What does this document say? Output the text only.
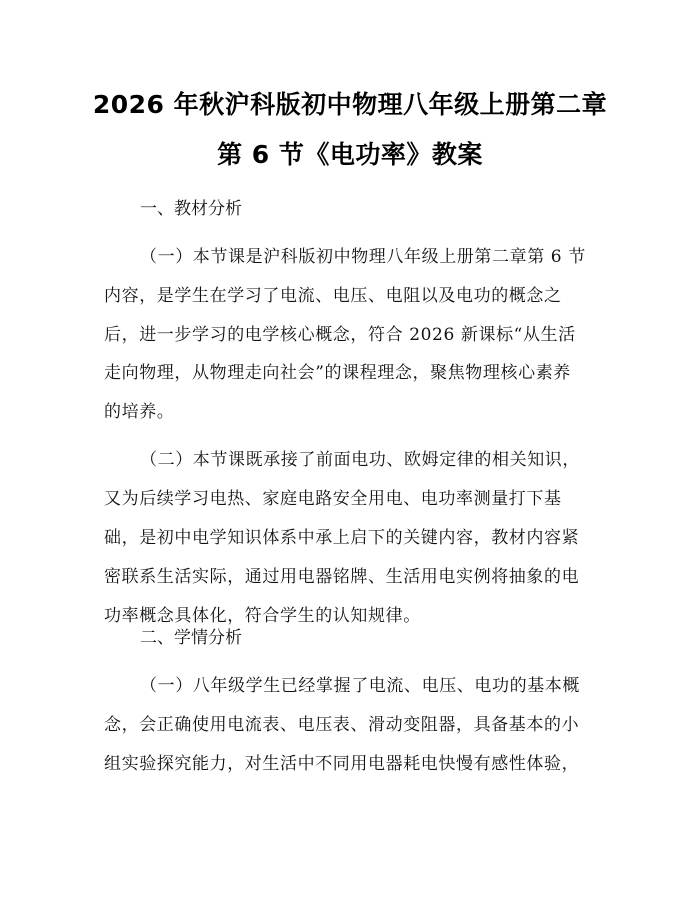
2026 年秋沪科版初中物理八年级上册第二章
第 6 节《电功率》教案
一、教材分析
（一）本节课是沪科版初中物理八年级上册第二章第 6 节
内容，是学生在学习了电流、电压、电阻以及电功的概念之
后，进一步学习的电学核心概念，符合 2026 新课标“从生活
走向物理，从物理走向社会”的课程理念，聚焦物理核心素养
的培养。
（二）本节课既承接了前面电功、欧姆定律的相关知识，
又为后续学习电热、家庭电路安全用电、电功率测量打下基
础，是初中电学知识体系中承上启下的关键内容，教材内容紧
密联系生活实际，通过用电器铭牌、生活用电实例将抽象的电
功率概念具体化，符合学生的认知规律。
二、学情分析
（一）八年级学生已经掌握了电流、电压、电功的基本概
念，会正确使用电流表、电压表、滑动变阻器，具备基本的小
组实验探究能力，对生活中不同用电器耗电快慢有感性体验，
